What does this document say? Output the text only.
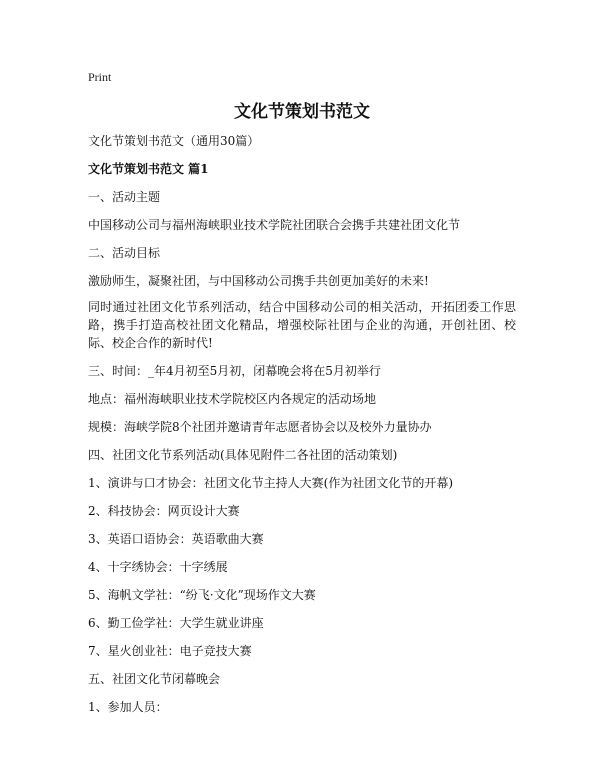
Print
文化节策划书范文
文化节策划书范文（通用30篇）
文化节策划书范文 篇1
一、活动主题
中国移动公司与福州海峡职业技术学院社团联合会携手共建社团文化节
二、活动目标
激励师生，凝聚社团，与中国移动公司携手共创更加美好的未来!
同时通过社团文化节系列活动，结合中国移动公司的相关活动，开拓团委工作思路，携手打造高校社团文化精品，增强校际社团与企业的沟通，开创社团、校际、校企合作的新时代!
三、时间：_年4月初至5月初，闭幕晚会将在5月初举行
地点：福州海峡职业技术学院校区内各规定的活动场地
规模：海峡学院8个社团并邀请青年志愿者协会以及校外力量协办
四、社团文化节系列活动(具体见附件二各社团的活动策划)
1、演讲与口才协会：社团文化节主持人大赛(作为社团文化节的开幕)
2、科技协会：网页设计大赛
3、英语口语协会：英语歌曲大赛
4、十字绣协会：十字绣展
5、海帆文学社：“纷飞·文化”现场作文大赛
6、勤工俭学社：大学生就业讲座
7、星火创业社：电子竞技大赛
五、社团文化节闭幕晚会
1、参加人员：
